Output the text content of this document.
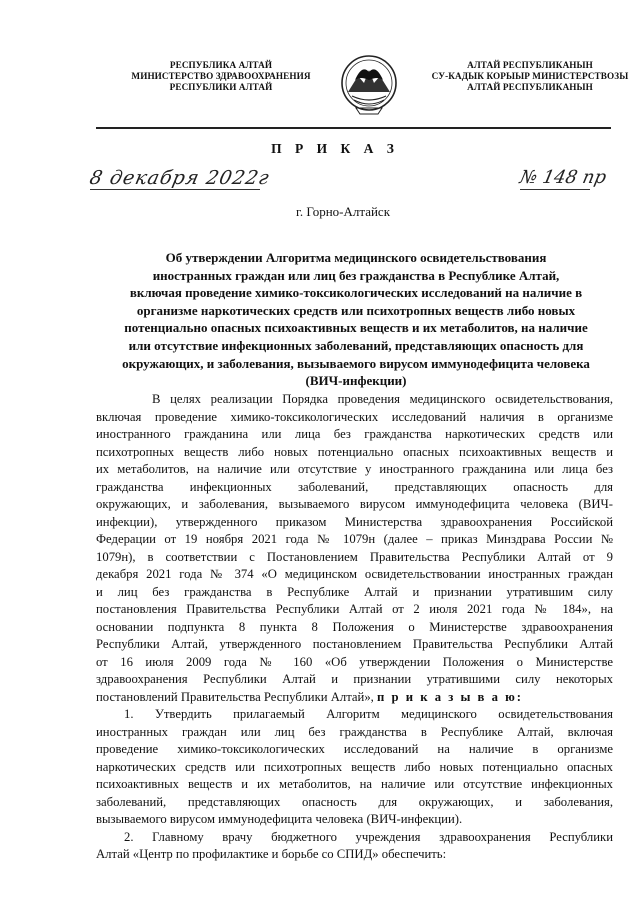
РЕСПУБЛИКА АЛТАЙ
МИНИСТЕРСТВО ЗДРАВООХРАНЕНИЯ
РЕСПУБЛИКИ АЛТАЙ
АЛТАЙ РЕСПУБЛИКАНЫН
СУ-КАДЫК КОРЫЫР МИНИСТЕРСТВОЗЫ
АЛТАЙ РЕСПУБЛИКАНЫН
П Р И К А З
8 декабря 2022г	№ 148 пр
г. Горно-Алтайск
Об утверждении Алгоритма медицинского освидетельствования
иностранных граждан или лиц без гражданства в Республике Алтай,
включая проведение химико-токсикологических исследований на наличие в
организме наркотических средств или психотропных веществ либо новых
потенциально опасных психоактивных веществ и их метаболитов, на наличие
или отсутствие инфекционных заболеваний, представляющих опасность для
окружающих, и заболевания, вызываемого вирусом иммунодефицита человека
(ВИЧ-инфекции)
В целях реализации Порядка проведения медицинского освидетельствования,
включая проведение химико-токсикологических исследований наличия в организме
иностранного гражданина или лица без гражданства наркотических средств или
психотропных веществ либо новых потенциально опасных психоактивных веществ и
их метаболитов, на наличие или отсутствие у иностранного гражданина или лица без
гражданства инфекционных заболеваний, представляющих опасность для
окружающих, и заболевания, вызываемого вирусом иммунодефицита человека (ВИЧ-
инфекции), утвержденного приказом Министерства здравоохранения Российской
Федерации от 19 ноября 2021 года № 1079н (далее – приказ Минздрава России №
1079н), в соответствии с Постановлением Правительства Республики Алтай от 9
декабря 2021 года № 374 «О медицинском освидетельствовании иностранных граждан
и лиц без гражданства в Республике Алтай и признании утратившим силу
постановления Правительства Республики Алтай от 2 июля 2021 года № 184», на
основании подпункта 8 пункта 8 Положения о Министерстве здравоохранения
Республики Алтай, утвержденного постановлением Правительства Республики Алтай
от 16 июля 2009 года № 160 «Об утверждении Положения о Министерстве
здравоохранения Республики Алтай и признании утратившими силу некоторых
постановлений Правительства Республики Алтай», п р и к а з ы в а ю:
1. Утвердить прилагаемый Алгоритм медицинского освидетельствования
иностранных граждан или лиц без гражданства в Республике Алтай, включая
проведение химико-токсикологических исследований на наличие в организме
наркотических средств или психотропных веществ либо новых потенциально опасных
психоактивных веществ и их метаболитов, на наличие или отсутствие инфекционных
заболеваний, представляющих опасность для окружающих, и заболевания,
вызываемого вирусом иммунодефицита человека (ВИЧ-инфекции).
2. Главному врачу бюджетного учреждения здравоохранения Республики
Алтай «Центр по профилактике и борьбе со СПИД» обеспечить:
